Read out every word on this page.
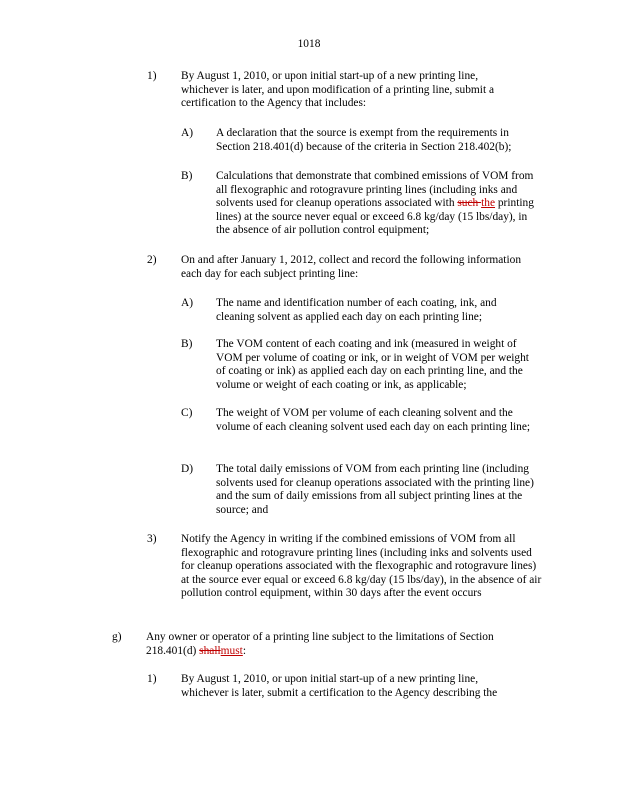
1018
1) By August 1, 2010, or upon initial start-up of a new printing line, whichever is later, and upon modification of a printing line, submit a certification to the Agency that includes:
A) A declaration that the source is exempt from the requirements in Section 218.401(d) because of the criteria in Section 218.402(b);
B) Calculations that demonstrate that combined emissions of VOM from all flexographic and rotogravure printing lines (including inks and solvents used for cleanup operations associated with such the printing lines) at the source never equal or exceed 6.8 kg/day (15 lbs/day), in the absence of air pollution control equipment;
2) On and after January 1, 2012, collect and record the following information each day for each subject printing line:
A) The name and identification number of each coating, ink, and cleaning solvent as applied each day on each printing line;
B) The VOM content of each coating and ink (measured in weight of VOM per volume of coating or ink, or in weight of VOM per weight of coating or ink) as applied each day on each printing line, and the volume or weight of each coating or ink, as applicable;
C) The weight of VOM per volume of each cleaning solvent and the volume of each cleaning solvent used each day on each printing line;
D) The total daily emissions of VOM from each printing line (including solvents used for cleanup operations associated with the printing line) and the sum of daily emissions from all subject printing lines at the source; and
3) Notify the Agency in writing if the combined emissions of VOM from all flexographic and rotogravure printing lines (including inks and solvents used for cleanup operations associated with the flexographic and rotogravure lines) at the source ever equal or exceed 6.8 kg/day (15 lbs/day), in the absence of air pollution control equipment, within 30 days after the event occurs
g) Any owner or operator of a printing line subject to the limitations of Section 218.401(d) shallmust:
1) By August 1, 2010, or upon initial start-up of a new printing line, whichever is later, submit a certification to the Agency describing the
